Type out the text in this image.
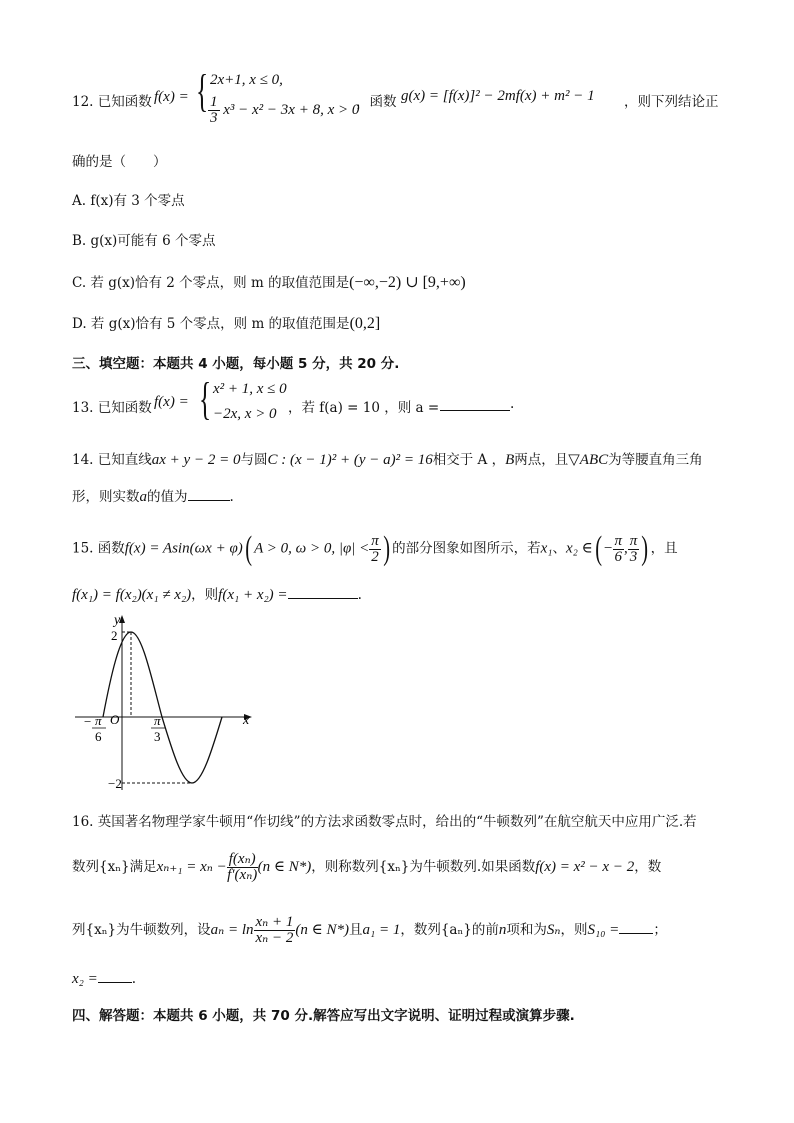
12. 已知函数 f(x) = { 2x+1, x ≤ 0,
$\frac{1}{3} x^3 - x^2 - 3x + 8$, x > 0
，函数 g(x) = [f(x)]² − 2mf(x) + m² − 1 ，则下列结论正
确的是（　　）
A. f(x)有 3 个零点
B. g(x)可能有 6 个零点
C. 若 g(x)恰有 2 个零点，则 m 的取值范围是(−∞,−2) ∪ [9,+∞)
D. 若 g(x)恰有 5 个零点，则 m 的取值范围是(0,2]
三、填空题：本题共 4 小题，每小题 5 分，共 20 分.
13. 已知函数 f(x) = { x² + 1, x ≤ 0
−2x, x > 0 ，若 f(a) = 10 ，则 a =	.
14. 已知直线ax + y − 2 = 0与圆C : (x − 1)² + (y − a)² = 16相交于 A ，B两点，且▽ABC为等腰直角三角
形，则实数a的值为	.
15. 函数f(x) = Asin(ωx + φ)( A > 0, ω > 0, $|\varphi| < \frac{\pi}{2}$ ) 的部分图象如图所示，若x₁、x₂ ∈( − $\frac{\pi}{6}$ , $\frac{\pi}{3}$ ) ，且
f(x₁) = f(x₂)(x₁ ≠ x₂)，则f(x₁ + x₂) =	.
y
x
O
2
−2
− π
6
π
3
16. 英国著名物理学家牛顿用“作切线”的方法求函数零点时，给出的“牛顿数列”在航空航天中应用广泛.若
数列{xₙ}满足$x_{n+1} = x_n - \frac{\text{f(xₙ)}}{\text{f′(xₙ)}} (n$ ∈ N*)，则称数列{xₙ}为牛顿数列.如果函数f(x) = x² − x − 2，数
列{xₙ}为牛顿数列，设$a_n = \ln \frac{\text{xₙ + 1}}{\text{xₙ − 2}} (n$ ∈ N*)且a₁ = 1，数列{aₙ}的前n项和为Sₙ，则S₁₀ =	；
x₂ =	.
四、解答题：本题共 6 小题，共 70 分.解答应写出文字说明、证明过程或演算步骤.
